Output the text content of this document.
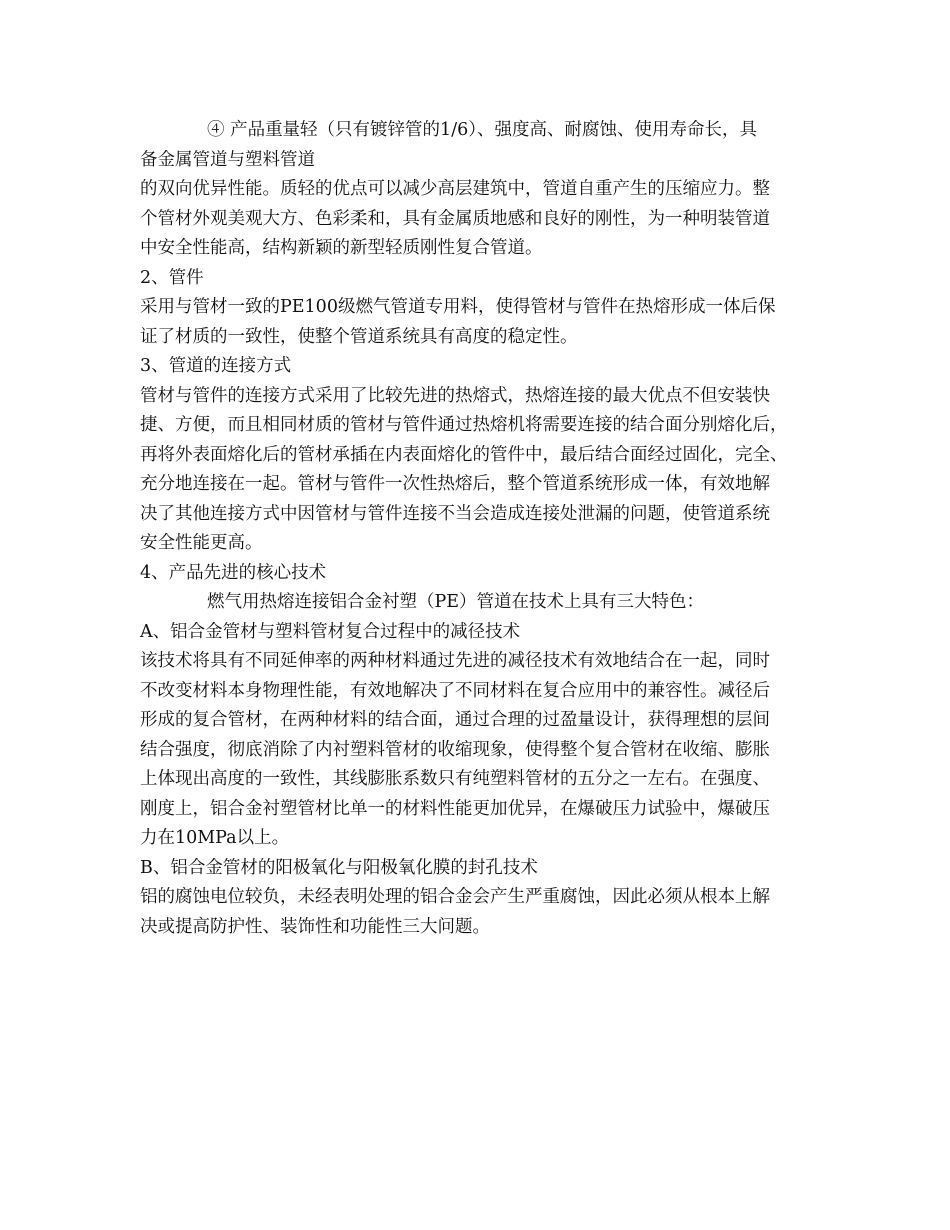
④ 产品重量轻（只有镀锌管的1/6）、强度高、耐腐蚀、使用寿命长，具
备金属管道与塑料管道
的双向优异性能。质轻的优点可以减少高层建筑中，管道自重产生的压缩应力。整
个管材外观美观大方、色彩柔和，具有金属质地感和良好的刚性，为一种明装管道
中安全性能高，结构新颖的新型轻质刚性复合管道。
2、管件
采用与管材一致的PE100级燃气管道专用料，使得管材与管件在热熔形成一体后保
证了材质的一致性，使整个管道系统具有高度的稳定性。
3、管道的连接方式
管材与管件的连接方式采用了比较先进的热熔式，热熔连接的最大优点不但安装快
捷、方便，而且相同材质的管材与管件通过热熔机将需要连接的结合面分别熔化后，
再将外表面熔化后的管材承插在内表面熔化的管件中，最后结合面经过固化，完全、
充分地连接在一起。管材与管件一次性热熔后，整个管道系统形成一体，有效地解
决了其他连接方式中因管材与管件连接不当会造成连接处泄漏的问题，使管道系统
安全性能更高。
4、产品先进的核心技术
燃气用热熔连接铝合金衬塑（PE）管道在技术上具有三大特色：
A、铝合金管材与塑料管材复合过程中的减径技术
该技术将具有不同延伸率的两种材料通过先进的减径技术有效地结合在一起，同时
不改变材料本身物理性能，有效地解决了不同材料在复合应用中的兼容性。减径后
形成的复合管材，在两种材料的结合面，通过合理的过盈量设计，获得理想的层间
结合强度，彻底消除了内衬塑料管材的收缩现象，使得整个复合管材在收缩、膨胀
上体现出高度的一致性，其线膨胀系数只有纯塑料管材的五分之一左右。在强度、
刚度上，铝合金衬塑管材比单一的材料性能更加优异，在爆破压力试验中，爆破压
力在10MPa以上。
B、铝合金管材的阳极氧化与阳极氧化膜的封孔技术
铝的腐蚀电位较负，未经表明处理的铝合金会产生严重腐蚀，因此必须从根本上解
决或提高防护性、装饰性和功能性三大问题。
